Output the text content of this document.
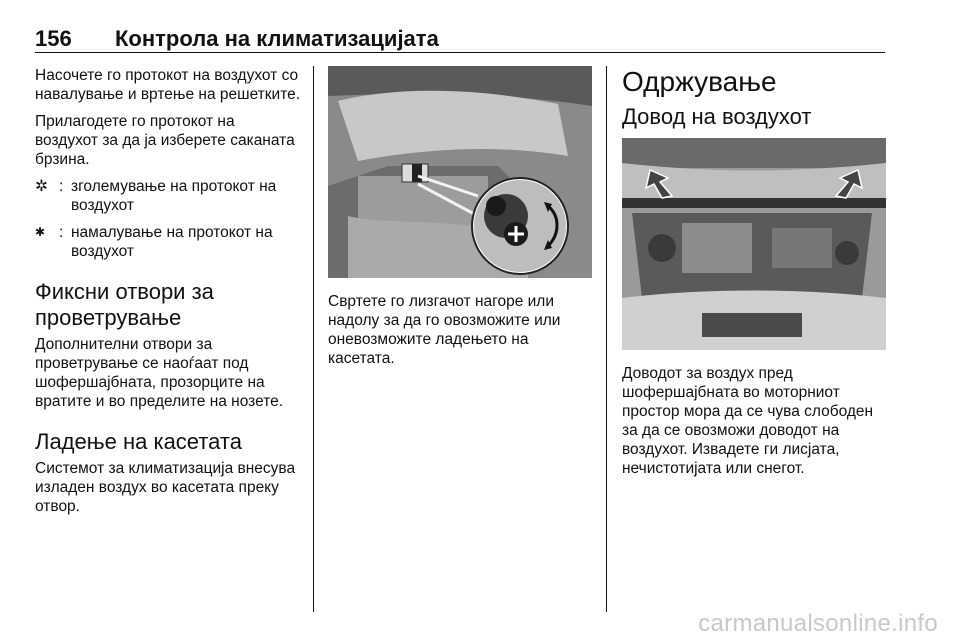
156 Контрола на климатизацијата

Насочете го протокот на воздухот со навалување и вртење на решетките.

Прилагодете го протокот на воздухот за да ја изберете саканата брзина.

✲ : зголемување на протокот на воздухот
✱ : намалување на протокот на воздухот
Фиксни отвори за проветрување

Дополнителни отвори за проветрување се наоѓаат под шофершајбната, прозорците на вратите и во пределите на нозете.

Ладење на касетата

Системот за климатизација внесува изладен воздух во касетата преку отвор.

Свртете го лизгачот нагоре или надолу за да го овозможите или оневозможите ладењето на касетата.

Одржување
Довод на воздухот

Доводот за воздух пред шофершајбната во моторниот простор мора да се чува слободен за да се овозможи доводот на воздухот. Извадете ги лисјата, нечистотијата или снегот.

carmanualsonline.info
